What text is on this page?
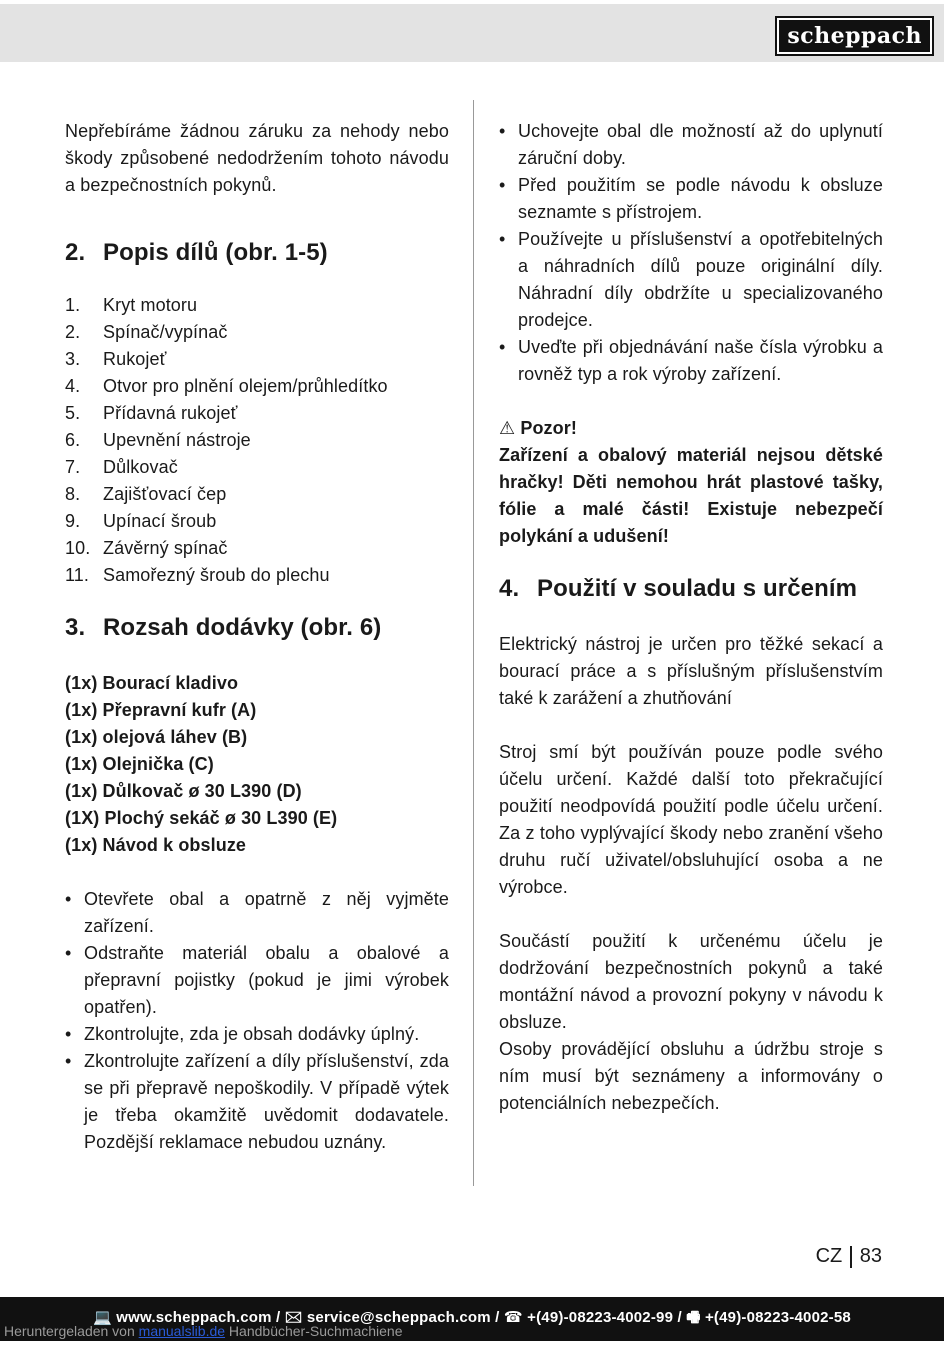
scheppach

Nepřebíráme žádnou záruku za nehody nebo škody způsobené nedodržením tohoto návodu a bezpečnostních pokynů.

2. Popis dílů (obr. 1-5)
1.	Kryt motoru
2.	Spínač/vypínač
3.	Rukojeť
4.	Otvor pro plnění olejem/průhledítko
5.	Přídavná rukojeť
6.	Upevnění nástroje
7.	Důlkovač
8.	Zajišťovací čep
9.	Upínací šroub
10. Závěrný spínač
11. Samořezný šroub do plechu
3. Rozsah dodávky (obr. 6)
(1x) Bourací kladivo
(1x) Přepravní kufr (A)
(1x) olejová láhev (B)
(1x) Olejnička (C)
(1x) Důlkovač ø 30 L390 (D)
(1X) Plochý sekáč ø 30 L390 (E)
(1x) Návod k obsluze
• Otevřete obal a opatrně z něj vyjměte zařízení.
• Odstraňte materiál obalu a obalové a přepravní pojistky (pokud je jimi výrobek opatřen).
• Zkontrolujte, zda je obsah dodávky úplný.
• Zkontrolujte zařízení a díly příslušenství, zda se při přepravě nepoškodily. V případě výtek je třeba okamžitě uvědomit dodavatele. Pozdější reklamace nebudou uznány.
• Uchovejte obal dle možností až do uplynutí záruční doby.
• Před použitím se podle návodu k obsluze seznamte s přístrojem.
• Používejte u příslušenství a opotřebitelných a náhradních dílů pouze originální díly. Náhradní díly obdržíte u specializovaného prodejce.
• Uveďte při objednávání naše čísla výrobku a rovněž typ a rok výroby zařízení.

⚠ Pozor!

Zařízení a obalový materiál nejsou dětské hračky! Děti nemohou hrát plastové tašky, fólie a malé části! Existuje nebezpečí polykání a udušení!

4. Použití v souladu s určením

Elektrický nástroj je určen pro těžké sekací a bourací práce a s příslušným příslušenstvím také k zarážení a zhutňování

Stroj smí být používán pouze podle svého účelu určení. Každé další toto překračující použití neodpovídá použití podle účelu určení. Za z toho vyplývající škody nebo zranění všeho druhu ručí uživatel/obsluhující osoba a ne výrobce.

Součástí použití k určenému účelu je dodržování bezpečnostních pokynů a také montážní návod a provozní pokyny v návodu k obsluze.

Osoby provádějící obsluhu a údržbu stroje s ním musí být seznámeny a informovány o potenciálních nebezpečích.

CZ 83
💻 www.scheppach.com / 🖂 service@scheppach.com / ☎ +(49)-08223-4002-99 / 🖷 +(49)-08223-4002-58
Heruntergeladen von manualslib.de Handbücher-Suchmachiene
